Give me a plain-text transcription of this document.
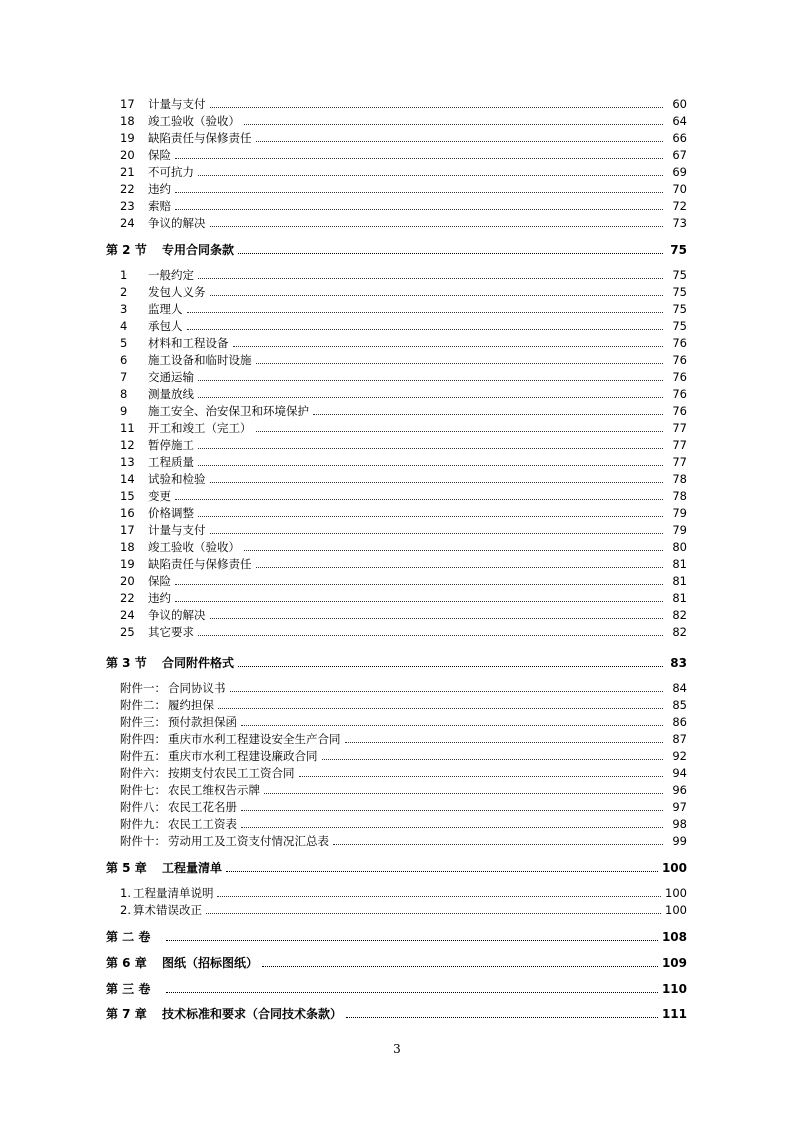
17	计量与支付	60
18	竣工验收（验收）	64
19	缺陷责任与保修责任	66
20	保险	67
21	不可抗力	69
22	违约	70
23	索赔	72
24	争议的解决	73
第 2 节	专用合同条款	75
1	一般约定	75
2	发包人义务	75
3	监理人	75
4	承包人	75
5	材料和工程设备	76
6	施工设备和临时设施	76
7	交通运输	76
8	测量放线	76
9	施工安全、治安保卫和环境保护	76
11	开工和竣工（完工）	77
12	暂停施工	77
13	工程质量	77
14	试验和检验	78
15	变更	78
16	价格调整	79
17	计量与支付	79
18	竣工验收（验收）	80
19	缺陷责任与保修责任	81
20	保险	81
22	违约	81
24	争议的解决	82
25	其它要求	82
第 3 节	合同附件格式	83
附件一： 合同协议书	84
附件二： 履约担保	85
附件三： 预付款担保函	86
附件四： 重庆市水利工程建设安全生产合同	87
附件五： 重庆市水利工程建设廉政合同	92
附件六： 按期支付农民工工资合同	94
附件七： 农民工维权告示牌	96
附件八： 农民工花名册	97
附件九： 农民工工资表	98
附件十： 劳动用工及工资支付情况汇总表	99
第 5 章	工程量清单	100
1. 工程量清单说明	100
2. 算术错误改正	100
第 二 卷	108
第 6 章	图纸（招标图纸）	109
第 三 卷	110
第 7 章	技术标准和要求（合同技术条款）	111
3
